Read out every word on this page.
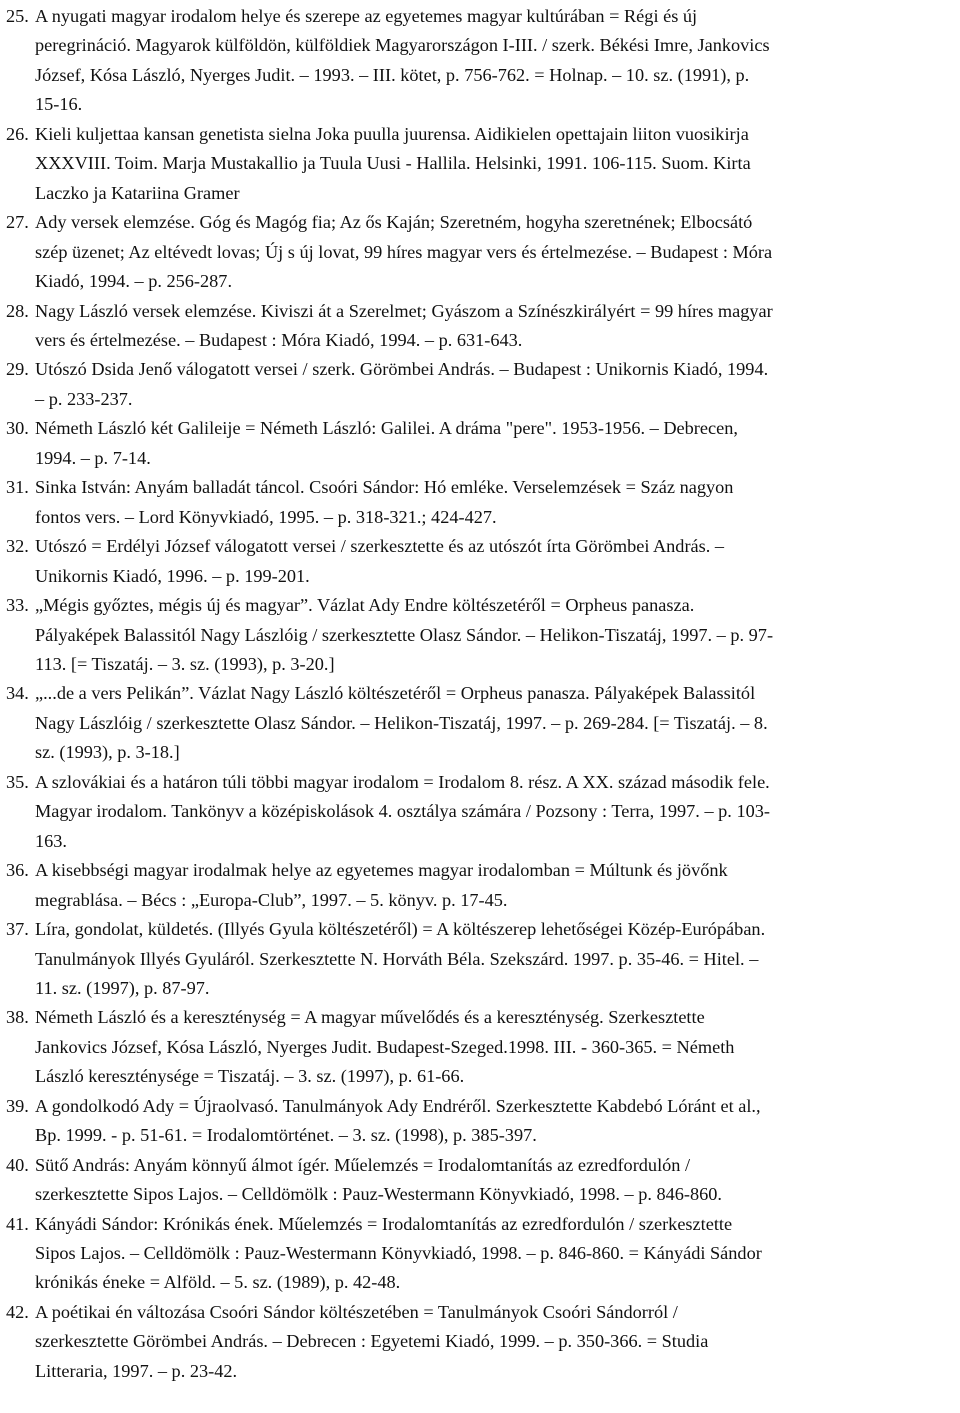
25. A nyugati magyar irodalom helye és szerepe az egyetemes magyar kultúrában = Régi és új
peregrináció. Magyarok külföldön, külföldiek Magyarországon I-III. / szerk. Békési Imre, Jankovics
József, Kósa László, Nyerges Judit. – 1993. – III. kötet, p. 756-762. = Holnap. – 10. sz. (1991), p.
15-16.
26. Kieli kuljettaa kansan genetista sielna Joka puulla juurensa. Aidikielen opettajain liiton vuosikirja
XXXVIII. Toim. Marja Mustakallio ja Tuula Uusi - Hallila. Helsinki, 1991. 106-115. Suom. Kirta
Laczko ja Katariina Gramer
27. Ady versek elemzése. Góg és Magóg fia; Az ős Kaján; Szeretném, hogyha szeretnének; Elbocsátó
szép üzenet; Az eltévedt lovas; Új s új lovat, 99 híres magyar vers és értelmezése. – Budapest : Móra
Kiadó, 1994. – p. 256-287.
28. Nagy László versek elemzése. Kiviszi át a Szerelmet; Gyászom a Színészkirályért = 99 híres magyar
vers és értelmezése. – Budapest : Móra Kiadó, 1994. – p. 631-643.
29. Utószó Dsida Jenő válogatott versei / szerk. Görömbei András. – Budapest : Unikornis Kiadó, 1994.
– p. 233-237.
30. Németh László két Galileije = Németh László: Galilei. A dráma "pere". 1953-1956. – Debrecen,
1994. – p. 7-14.
31. Sinka István: Anyám balladát táncol. Csoóri Sándor: Hó emléke. Verselemzések = Száz nagyon
fontos vers. – Lord Könyvkiadó, 1995. – p. 318-321.; 424-427.
32. Utószó = Erdélyi József válogatott versei / szerkesztette és az utószót írta Görömbei András. –
Unikornis Kiadó, 1996. – p. 199-201.
33. „Mégis győztes, mégis új és magyar”. Vázlat Ady Endre költészetéről = Orpheus panasza.
Pályaképek Balassitól Nagy Lászlóig / szerkesztette Olasz Sándor. – Helikon-Tiszatáj, 1997. – p. 97-
113. [= Tiszatáj. – 3. sz. (1993), p. 3-20.]
34. „...de a vers Pelikán”. Vázlat Nagy László költészetéről = Orpheus panasza. Pályaképek Balassitól
Nagy Lászlóig / szerkesztette Olasz Sándor. – Helikon-Tiszatáj, 1997. – p. 269-284. [= Tiszatáj. – 8.
sz. (1993), p. 3-18.]
35. A szlovákiai és a határon túli többi magyar irodalom = Irodalom 8. rész. A XX. század második fele.
Magyar irodalom. Tankönyv a középiskolások 4. osztálya számára / Pozsony : Terra, 1997. – p. 103-
163.
36. A kisebbségi magyar irodalmak helye az egyetemes magyar irodalomban = Múltunk és jövőnk
megrablása. – Bécs : „Europa-Club”, 1997. – 5. könyv. p. 17-45.
37. Líra, gondolat, küldetés. (Illyés Gyula költészetéről) = A költészerep lehetőségei Közép-Európában.
Tanulmányok Illyés Gyuláról. Szerkesztette N. Horváth Béla. Szekszárd. 1997. p. 35-46. = Hitel. –
11. sz. (1997), p. 87-97.
38. Németh László és a kereszténység = A magyar művelődés és a kereszténység. Szerkesztette
Jankovics József, Kósa László, Nyerges Judit. Budapest-Szeged.1998. III. - 360-365. = Németh
László kereszténysége = Tiszatáj. – 3. sz. (1997), p. 61-66.
39. A gondolkodó Ady = Újraolvasó. Tanulmányok Ady Endréről. Szerkesztette Kabdebó Lóránt et al.,
Bp. 1999. - p. 51-61. = Irodalomtörténet. – 3. sz. (1998), p. 385-397.
40. Sütő András: Anyám könnyű álmot ígér. Műelemzés = Irodalomtanítás az ezredfordulón /
szerkesztette Sipos Lajos. – Celldömölk : Pauz-Westermann Könyvkiadó, 1998. – p. 846-860.
41. Kányádi Sándor: Krónikás ének. Műelemzés = Irodalomtanítás az ezredfordulón / szerkesztette
Sipos Lajos. – Celldömölk : Pauz-Westermann Könyvkiadó, 1998. – p. 846-860. = Kányádi Sándor
krónikás éneke = Alföld. – 5. sz. (1989), p. 42-48.
42. A poétikai én változása Csoóri Sándor költészetében = Tanulmányok Csoóri Sándorról /
szerkesztette Görömbei András. – Debrecen : Egyetemi Kiadó, 1999. – p. 350-366. = Studia
Litteraria, 1997. – p. 23-42.
